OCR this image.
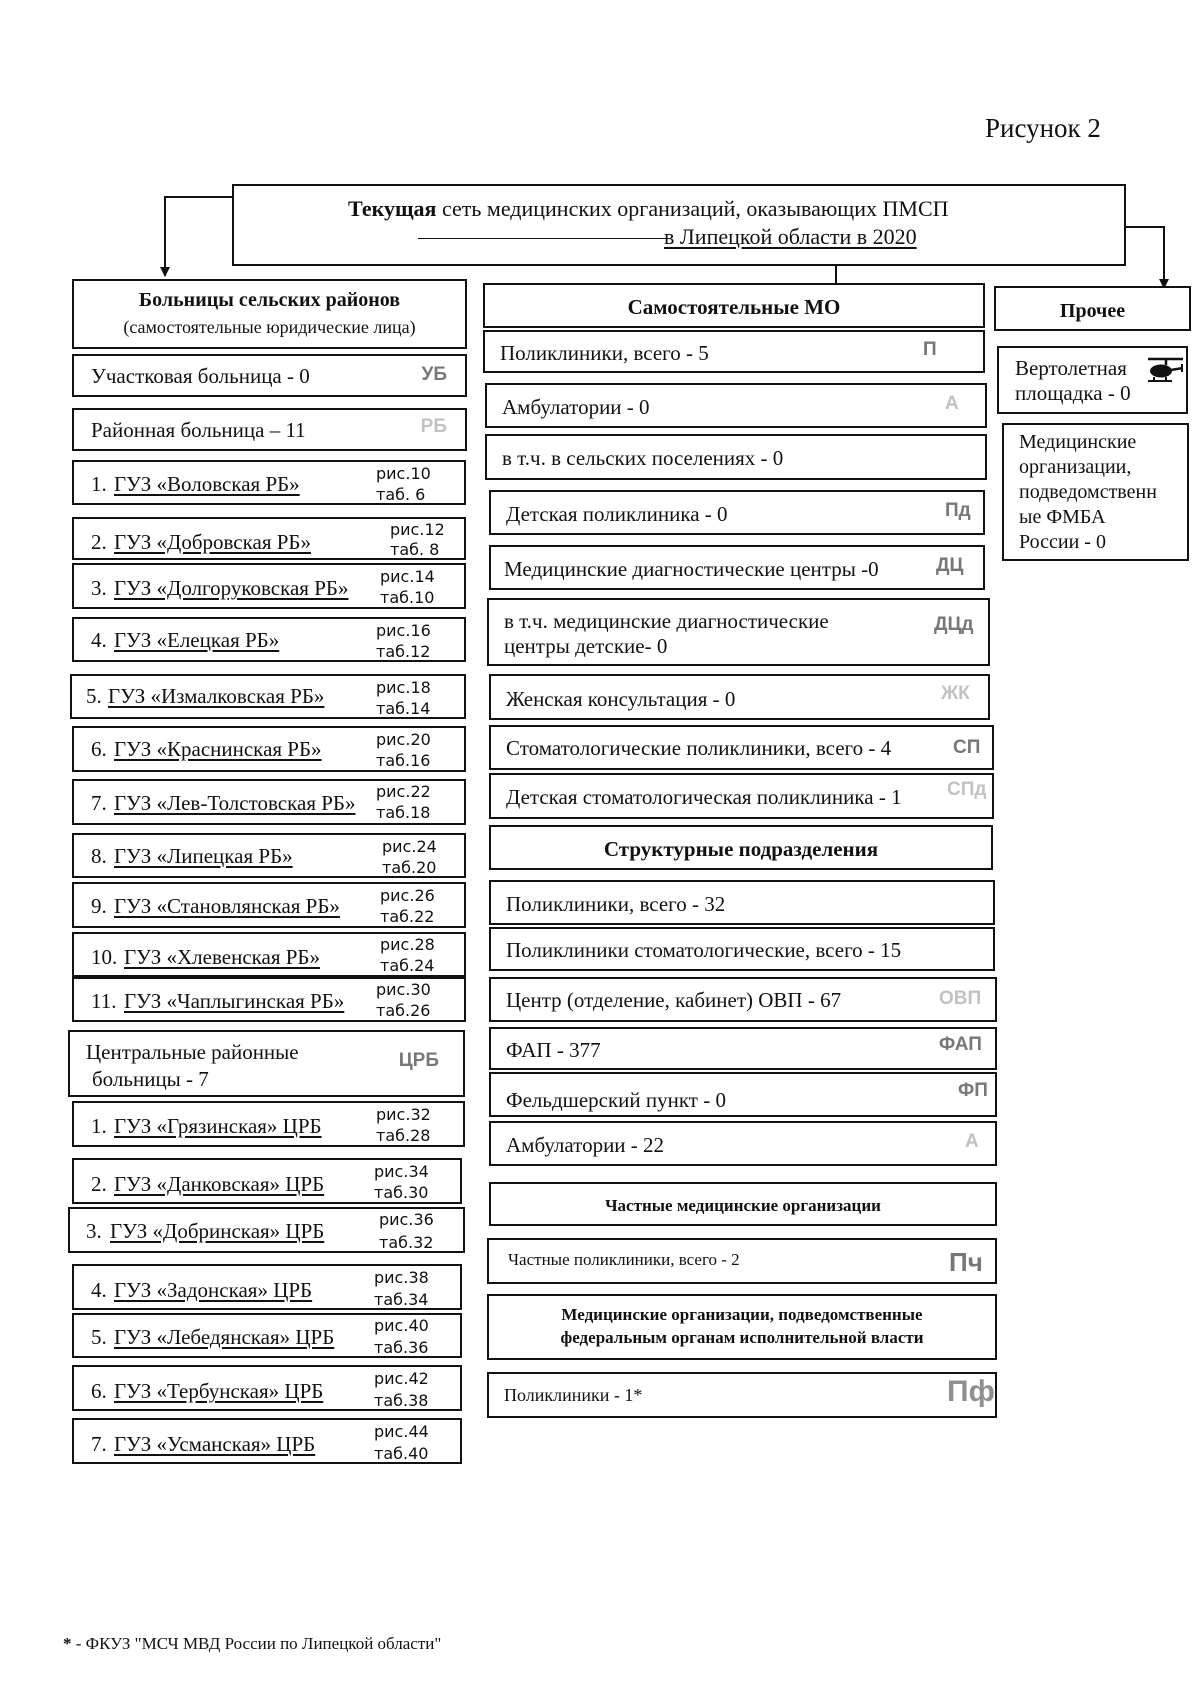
Рисунок 2
Текущая сеть медицинских организаций, оказывающих ПМСП
в Липецкой области в 2020
Больницы сельских районов
(самостоятельные юридические лица)
Участковая больница - 0	УБ
Районная больница – 11	РБ
1. ГУЗ «Воловская РБ»	рис.10
таб. 6
2. ГУЗ «Добровская РБ»
рис.12
таб. 8
3. ГУЗ «Долгоруковская РБ» рис.14
таб.10
4. ГУЗ «Елецкая РБ»	рис.16
таб.12
5. ГУЗ «Измалковская РБ»	рис.18
таб.14
6. ГУЗ «Краснинская РБ»	рис.20
таб.16
7. ГУЗ «Лев-Толстовская РБ» рис.22
таб.18
8. ГУЗ «Липецкая РБ»	рис.24
таб.20
9. ГУЗ «Становлянская РБ»	рис.26
таб.22
10. ГУЗ «Хлевенская РБ»
рис.28
таб.24
11. ГУЗ «Чаплыгинская РБ» рис.30
таб.26
Центральные районные
больницы - 7
ЦРБ
1. ГУЗ «Грязинская» ЦРБ	рис.32
таб.28
2. ГУЗ «Данковская» ЦРБ
рис.34
таб.30
3. ГУЗ «Добринская» ЦРБ	рис.36
таб.32
4. ГУЗ «Задонская» ЦРБ
рис.38
таб.34
5. ГУЗ «Лебедянская» ЦРБ рис.40
таб.36
6. ГУЗ «Тербунская» ЦРБ
рис.42
таб.38
7. ГУЗ «Усманская» ЦРБ
рис.44
таб.40
Самостоятельные МО
Поликлиники, всего - 5	П
Амбулатории - 0	А
в т.ч. в сельских поселениях - 0
Детская поликлиника - 0	Пд
Медицинские диагностические центры -0	ДЦ
в т.ч. медицинские диагностические
центры детские- 0
ДЦд
Женская консультация - 0	ЖК
Стоматологические поликлиники, всего - 4	СП
Детская стоматологическая поликлиника - 1 СПд
Структурные подразделения
Поликлиники, всего - 32
Поликлиники стоматологические, всего - 15
Центр (отделение, кабинет) ОВП - 67	ОВП
ФАП - 377	ФАП
Фельдшерский пункт - 0	ФП
Амбулатории - 22	А
Частные медицинские организации
Частные поликлиники, всего - 2	Пч
Медицинские организации, подведомственные
федеральным органам исполнительной власти
Поликлиники - 1*	Пф
Прочее
Вертолетная
площадка - 0
Медицинские
организации,
подведомственн
ые ФМБА
России - 0
* - ФКУЗ "МСЧ МВД России по Липецкой области"
